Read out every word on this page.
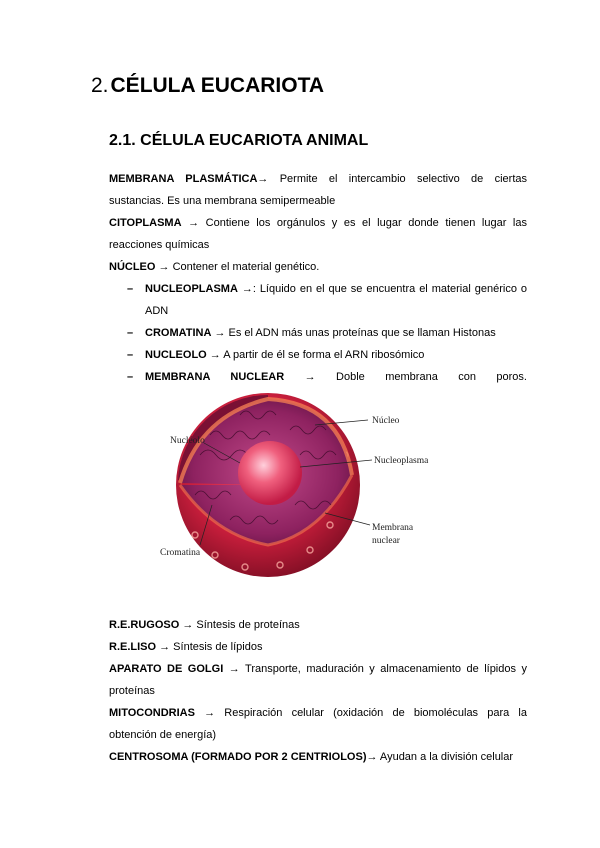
2.CÉLULA EUCARIOTA
2.1. CÉLULA EUCARIOTA ANIMAL
MEMBRANA PLASMÁTICA→ Permite el intercambio selectivo de ciertas
sustancias. Es una membrana semipermeable
CITOPLASMA → Contiene los orgánulos y es el lugar donde tienen lugar las
reacciones químicas
NÚCLEO → Contener el material genético.
– NUCLEOPLASMA →: Líquido en el que se encuentra el material genérico o
ADN
– CROMATINA → Es el ADN más unas proteínas que se llaman Histonas
– NUCLEOLO → A partir de él se forma el ARN ribosómico
– MEMBRANA NUCLEAR → Doble membrana con poros.
Núcleo
Nucléolo
Nucleoplasma
Membrana
nuclear
Cromatina
R.E.RUGOSO → Síntesis de proteínas
R.E.LISO → Síntesis de lípidos
APARATO DE GOLGI → Transporte, maduración y almacenamiento de lípidos y
proteínas
MITOCONDRIAS → Respiración celular (oxidación de biomoléculas para la
obtención de energía)
CENTROSOMA (FORMADO POR 2 CENTRIOLOS)→ Ayudan a la división celular
